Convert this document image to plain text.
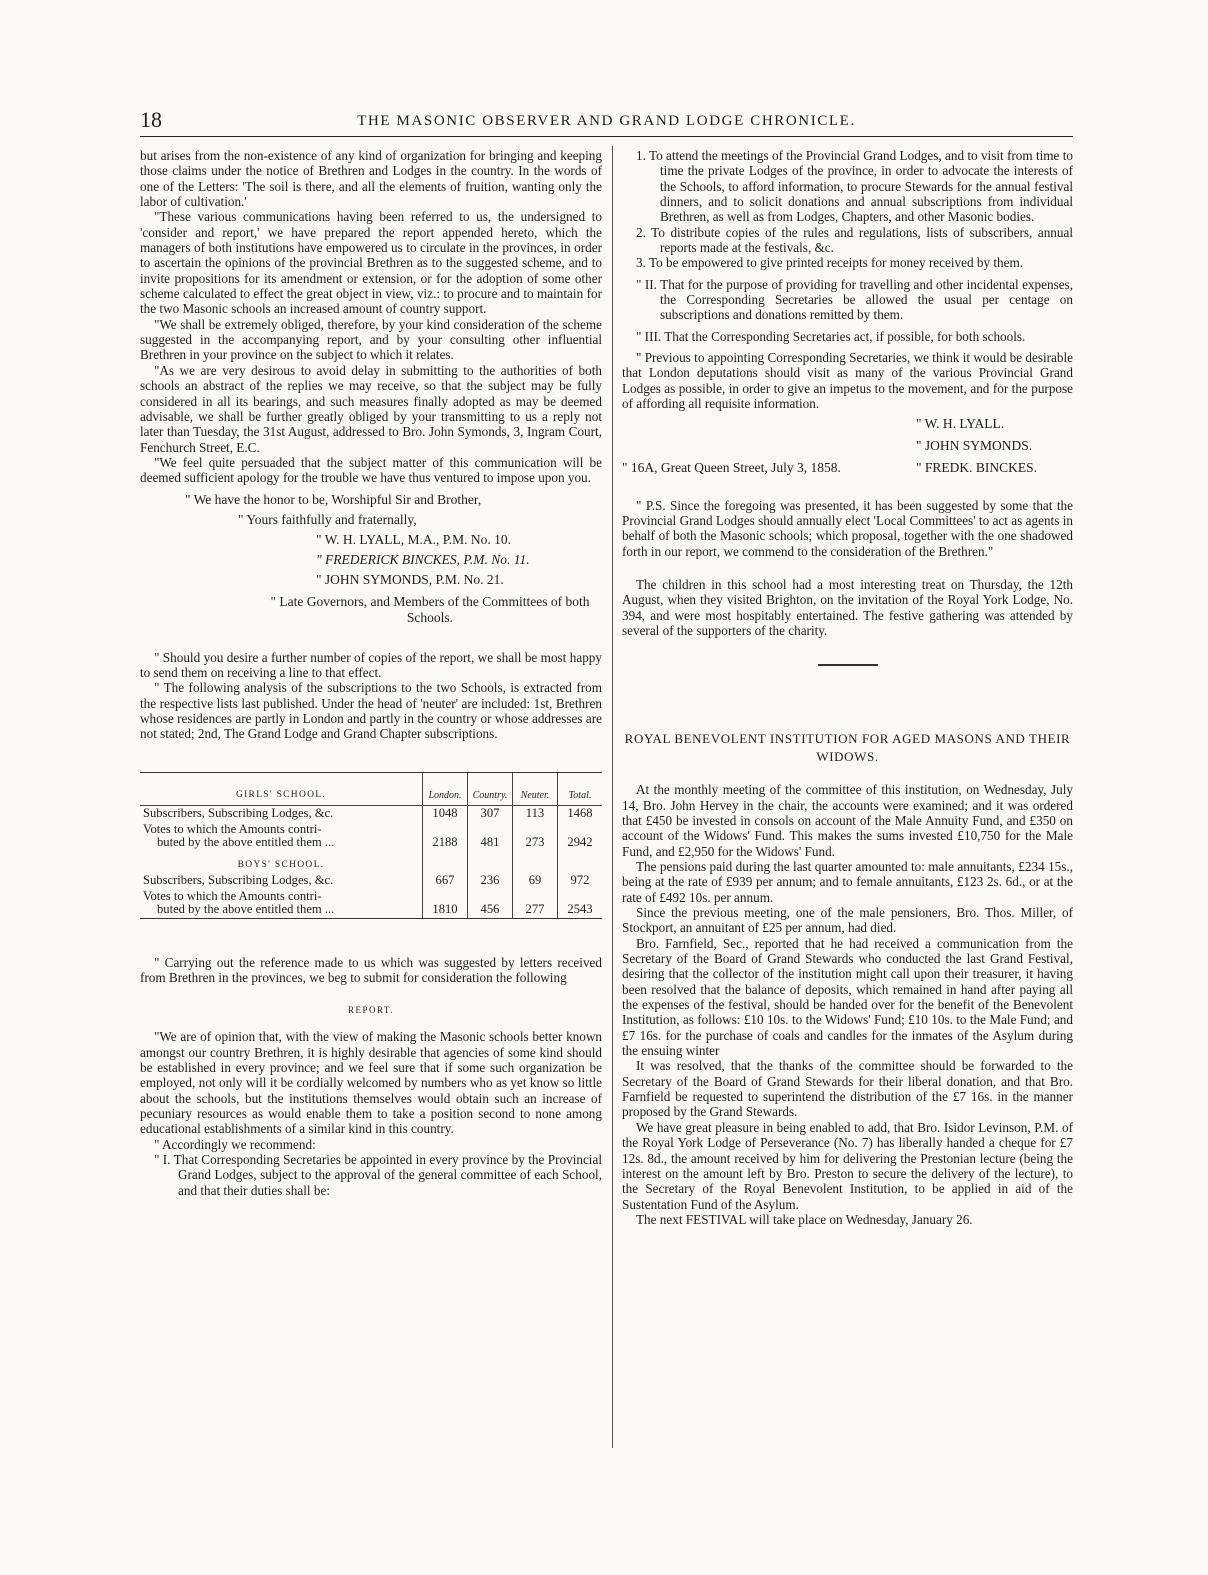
18	THE MASONIC OBSERVER AND GRAND LODGE CHRONICLE.

but arises from the non-existence of any kind of organization for bringing and keeping those claims under the notice of Brethren and Lodges in the country. In the words of one of the Letters: 'The soil is there, and all the elements of fruition, wanting only the labor of cultivation.'

"These various communications having been referred to us, the undersigned to 'consider and report,' we have prepared the report appended hereto, which the managers of both institutions have empowered us to circulate in the provinces, in order to ascertain the opinions of the provincial Brethren as to the suggested scheme, and to invite propositions for its amendment or extension, or for the adoption of some other scheme calculated to effect the great object in view, viz.: to procure and to maintain for the two Masonic schools an increased amount of country support.

"We shall be extremely obliged, therefore, by your kind consideration of the scheme suggested in the accompanying report, and by your consulting other influential Brethren in your province on the subject to which it relates.

"As we are very desirous to avoid delay in submitting to the authorities of both schools an abstract of the replies we may receive, so that the subject may be fully considered in all its bearings, and such measures finally adopted as may be deemed advisable, we shall be further greatly obliged by your transmitting to us a reply not later than Tuesday, the 31st August, addressed to Bro. John Symonds, 3, Ingram Court, Fenchurch Street, E.C.

"We feel quite persuaded that the subject matter of this communication will be deemed sufficient apology for the trouble we have thus ventured to impose upon you.

" We have the honor to be, Worshipful Sir and Brother,

" Yours faithfully and fraternally,

" W. H. LYALL, M.A., P.M. No. 10.

" FREDERICK BINCKES, P.M. No. 11.

" JOHN SYMONDS, P.M. No. 21.

" Late Governors, and Members of the Committees of both Schools.

" Should you desire a further number of copies of the report, we shall be most happy to send them on receiving a line to that effect.

" The following analysis of the subscriptions to the two Schools, is extracted from the respective lists last published. Under the head of 'neuter' are included: 1st, Brethren whose residences are partly in London and partly in the country or whose addresses are not stated; 2nd, The Grand Lodge and Grand Chapter subscriptions.

GIRLS' SCHOOL.	London.	Country.	Neuter.	Total.
Subscribers, Subscribing Lodges, &c.	1048	307	113	1468

Votes to which the Amounts contri-
buted by the above entitled them ...	2188	481	273	2942
BOYS' SCHOOL.				
Subscribers, Subscribing Lodges, &c.	667	236	69	972

Votes to which the Amounts contri-
buted by the above entitled them ...	1810	456	277	2543

" Carrying out the reference made to us which was suggested by letters received from Brethren in the provinces, we beg to submit for consideration the following

REPORT.

"We are of opinion that, with the view of making the Masonic schools better known amongst our country Brethren, it is highly desirable that agencies of some kind should be established in every province; and we feel sure that if some such organization be employed, not only will it be cordially welcomed by numbers who as yet know so little about the schools, but the institutions themselves would obtain such an increase of pecuniary resources as would enable them to take a position second to none among educational establishments of a similar kind in this country.

" Accordingly we recommend:

" I. That Corresponding Secretaries be appointed in every province by the Provincial Grand Lodges, subject to the approval of the general committee of each School, and that their duties shall be:

1. To attend the meetings of the Provincial Grand Lodges, and to visit from time to time the private Lodges of the province, in order to advocate the interests of the Schools, to afford information, to procure Stewards for the annual festival dinners, and to solicit donations and annual subscriptions from individual Brethren, as well as from Lodges, Chapters, and other Masonic bodies.

2. To distribute copies of the rules and regulations, lists of subscribers, annual reports made at the festivals, &c.

3. To be empowered to give printed receipts for money received by them.

" II. That for the purpose of providing for travelling and other incidental expenses, the Corresponding Secretaries be allowed the usual per centage on subscriptions and donations remitted by them.

" III. That the Corresponding Secretaries act, if possible, for both schools.

" Previous to appointing Corresponding Secretaries, we think it would be desirable that London deputations should visit as many of the various Provincial Grand Lodges as possible, in order to give an impetus to the movement, and for the purpose of affording all requisite information.

" W. H. LYALL.
" JOHN SYMONDS.
" 16A, Great Queen Street, July 3, 1858.	" FREDK. BINCKES.

" P.S. Since the foregoing was presented, it has been suggested by some that the Provincial Grand Lodges should annually elect 'Local Committees' to act as agents in behalf of both the Masonic schools; which proposal, together with the one shadowed forth in our report, we commend to the consideration of the Brethren."

The children in this school had a most interesting treat on Thursday, the 12th August, when they visited Brighton, on the invitation of the Royal York Lodge, No. 394, and were most hospitably entertained. The festive gathering was attended by several of the supporters of the charity.

ROYAL BENEVOLENT INSTITUTION FOR AGED MASONS AND THEIR WIDOWS.

At the monthly meeting of the committee of this institution, on Wednesday, July 14, Bro. John Hervey in the chair, the accounts were examined; and it was ordered that £450 be invested in consols on account of the Male Annuity Fund, and £350 on account of the Widows' Fund. This makes the sums invested £10,750 for the Male Fund, and £2,950 for the Widows' Fund.

The pensions paid during the last quarter amounted to: male annuitants, £234 15s., being at the rate of £939 per annum; and to female annuitants, £123 2s. 6d., or at the rate of £492 10s. per annum.

Since the previous meeting, one of the male pensioners, Bro. Thos. Miller, of Stockport, an annuitant of £25 per annum, had died.

Bro. Farnfield, Sec., reported that he had received a communication from the Secretary of the Board of Grand Stewards who conducted the last Grand Festival, desiring that the collector of the institution might call upon their treasurer, it having been resolved that the balance of deposits, which remained in hand after paying all the expenses of the festival, should be handed over for the benefit of the Benevolent Institution, as follows: £10 10s. to the Widows' Fund; £10 10s. to the Male Fund; and £7 16s. for the purchase of coals and candles for the inmates of the Asylum during the ensuing winter

It was resolved, that the thanks of the committee should be forwarded to the Secretary of the Board of Grand Stewards for their liberal donation, and that Bro. Farnfield be requested to superintend the distribution of the £7 16s. in the manner proposed by the Grand Stewards.

We have great pleasure in being enabled to add, that Bro. Isidor Levinson, P.M. of the Royal York Lodge of Perseverance (No. 7) has liberally handed a cheque for £7 12s. 8d., the amount received by him for delivering the Prestonian lecture (being the interest on the amount left by Bro. Preston to secure the delivery of the lecture), to the Secretary of the Royal Benevolent Institution, to be applied in aid of the Sustentation Fund of the Asylum.

The next FESTIVAL will take place on Wednesday, January 26.
